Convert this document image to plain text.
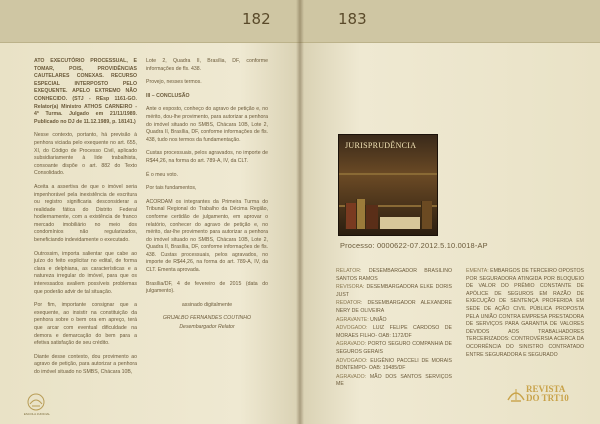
182

ATO EXECUTÓRIO PROCESSUAL, E TOMAR, POIS, PROVIDÊNCIAS CAUTELARES CONEXAS. RECURSO ESPECIAL INTERPOSTO PELO EXEQUENTE. APELO EXTREMO NÃO CONHECIDO. (STJ - REsp 1161-GO. Relator(a) Ministro ATHOS CARNEIRO - 4ª Turma. Julgado em 21/11/1989. Publicado no DJ de 11.12.1989, p. 18141.)

Nesse contexto, portanto, há previsão à penhora viciada pelo exequente no art. 655, XI, do Código de Processo Civil, aplicado subsidiariamente à lide trabalhista, consoante dispõe o art. 882 do Texto Consolidado.

Aceita a assertiva de que o imóvel seria impenhorável pela inexistência de escritura ou registro significaria desconsiderar a realidade fática do Distrito Federal hodiernamente, com a existência de franco mercado imobiliário no meio dos condomínios não regularizados, beneficiando indevidamente o executado.

Outrossim, importa salientar que cabe ao juízo do feito explicitar no edital, de forma clara e delphiana, as características e a natureza irregular do imóvel, para que os interessados avaliem possíveis problemas que poderão advir de tal situação.

Por fim, importante consignar que a exequente, ao insistir na constituição da penhora sobre o bem ora em apreço, terá que arcar com eventual dificuldade na demora e demarcação do bem para a efetiva satisfação de seu crédito.

Diante desse contexto, dou provimento ao agravo de petição, para autorizar a penhora do imóvel situado no SMBS, Chácara 10B,

Lote 2, Quadra II, Brasília, DF, conforme informações de fls. 438.

Provejo, nesses termos.

III – CONCLUSÃO

Ante o exposto, conheço do agravo de petição e, no mérito, dou-lhe provimento, para autorizar a penhora do imóvel situado no SMBS, Chácara 10B, Lote 2, Quadra II, Brasília, DF, conforme informações de fls. 438, tudo nos termos da fundamentação.

Custas processuais, pelos agravados, no importe de R$44,26, na forma do art. 789-A, IV, da CLT.

É o meu voto.

Por tais fundamentos,

ACORDAM os integrantes da Primeira Turma do Tribunal Regional do Trabalho da Décima Região, conforme certidão de julgamento, em aprovar o relatório, conhecer do agravo de petição e, no mérito, dar-lhe provimento para autorizar a penhora do imóvel situado no SMBS, Chácara 10B, Lote 2, Quadra II, Brasília, DF, conforme informações de fls. 438. Custas processuais, pelos agravados, no importe de R$44,26, na forma do art. 789-A, IV, da CLT. Ementa aprovada.

Brasília/DF, 4 de fevereiro de 2015 (data do julgamento).

assinado digitalmente

GRIJALBO FERNANDES COUTINHO

Desembargador Relator

ESCOLA JUDICIAL
183
JURISPRUDÊNCIA
Processo: 0000622-07.2012.5.10.0018-AP

RELATOR: DESEMBARGADOR BRASILINO SANTOS RAMOS

REVISORA: DESEMBARGADORA ELKE DORIS JUST

REDATOR: DESEMBARGADOR ALEXANDRE NERY DE OLIVEIRA

AGRAVANTE: UNIÃO

ADVOGADO: LUIZ FELIPE CARDOSO DE MORAES FILHO- OAB: 1172/DF

AGRAVADO: PORTO SEGURO COMPANHIA DE SEGUROS GERAIS

ADVOGADO: EUGÊNIO PACCELI DE MORAIS BONTEMPO- OAB: 19485/DF

AGRAVADO: MÃO DOS SANTOS SERVIÇOS ME

EMENTA: EMBARGOS DE TERCEIRO OPOSTOS POR SEGURADORA ATINGIDA POR BLOQUEIO DE VALOR DO PRÊMIO CONSTANTE DE APÓLICE DE SEGUROS EM RAZÃO DE EXECUÇÃO DE SENTENÇA PROFERIDA EM SEDE DE AÇÃO CIVIL PÚBLICA PROPOSTA PELA UNIÃO CONTRA EMPRESA PRESTADORA DE SERVIÇOS PARA GARANTIA DE VALORES DEVIDOS AOS TRABALHADORES TERCEIRIZADOS: CONTROVÉRSIA ACERCA DA OCORRÊNCIA DO SINISTRO CONTRATADO ENTRE SEGURADORA E SEGURADO

REVISTA
DO TRT10
